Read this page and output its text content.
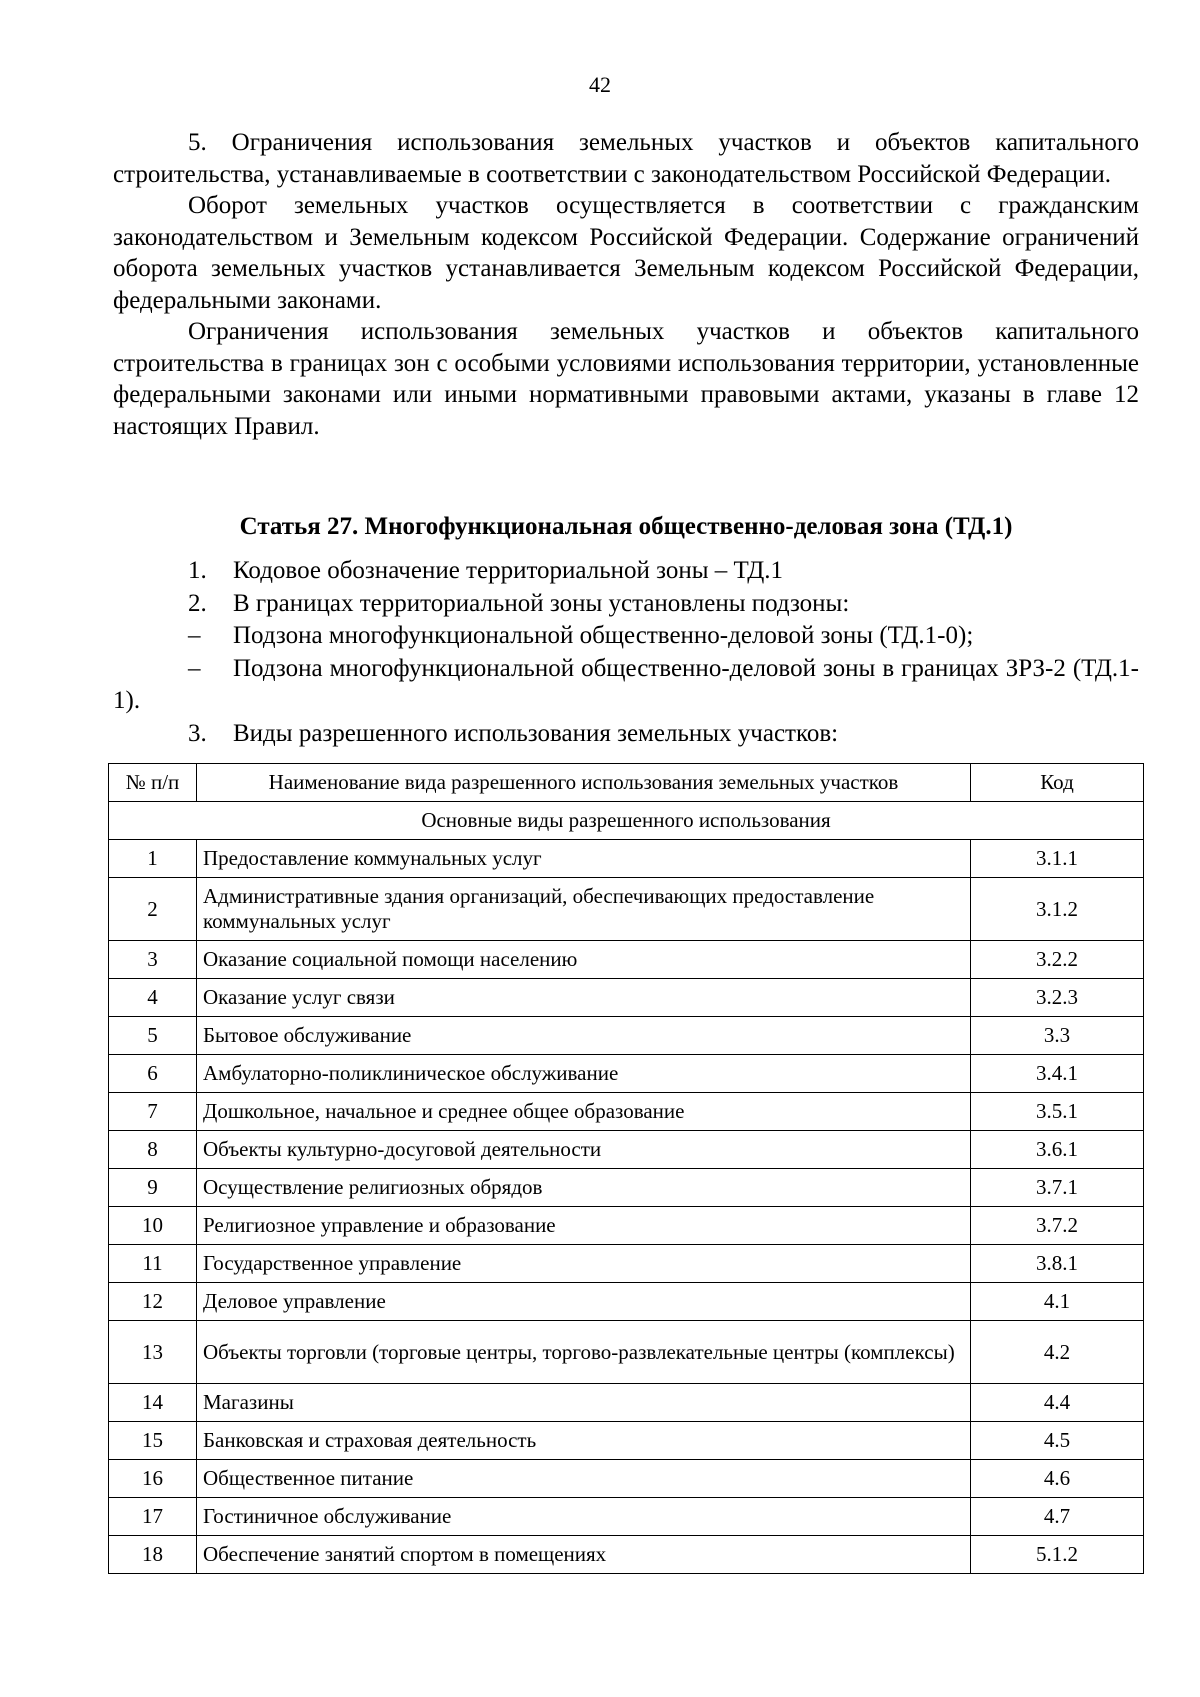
42

5. Ограничения использования земельных участков и объектов капитального строительства, устанавливаемые в соответствии с законодательством Российской Федерации.

Оборот земельных участков осуществляется в соответствии с гражданским законодательством и Земельным кодексом Российской Федерации. Содержание ограничений оборота земельных участков устанавливается Земельным кодексом Российской Федерации, федеральными законами.

Ограничения использования земельных участков и объектов капитального строительства в границах зон с особыми условиями использования территории, установленные федеральными законами или иными нормативными правовыми актами, указаны в главе 12 настоящих Правил.

Статья 27. Многофункциональная общественно-деловая зона (ТД.1)

1. Кодовое обозначение территориальной зоны – ТД.1

2. В границах территориальной зоны установлены подзоны:

– Подзона многофункциональной общественно-деловой зоны (ТД.1-0);

– Подзона многофункциональной общественно-деловой зоны в границах ЗРЗ-2 (ТД.1-1).

3. Виды разрешенного использования земельных участков:

№ п/п	Наименование вида разрешенного использования земельных участков	Код
Основные виды разрешенного использования		
1	Предоставление коммунальных услуг	3.1.1
2	Административные здания организаций, обеспечивающих предоставление коммунальных услуг	3.1.2
3	Оказание социальной помощи населению	3.2.2
4	Оказание услуг связи	3.2.3
5	Бытовое обслуживание	3.3
6	Амбулаторно-поликлиническое обслуживание	3.4.1
7	Дошкольное, начальное и среднее общее образование	3.5.1
8	Объекты культурно-досуговой деятельности	3.6.1
9	Осуществление религиозных обрядов	3.7.1
10	Религиозное управление и образование	3.7.2
11	Государственное управление	3.8.1
12	Деловое управление	4.1
13	Объекты торговли (торговые центры, торгово-развлекательные центры (комплексы)	4.2
14	Магазины	4.4
15	Банковская и страховая деятельность	4.5
16	Общественное питание	4.6
17	Гостиничное обслуживание	4.7
18	Обеспечение занятий спортом в помещениях	5.1.2
